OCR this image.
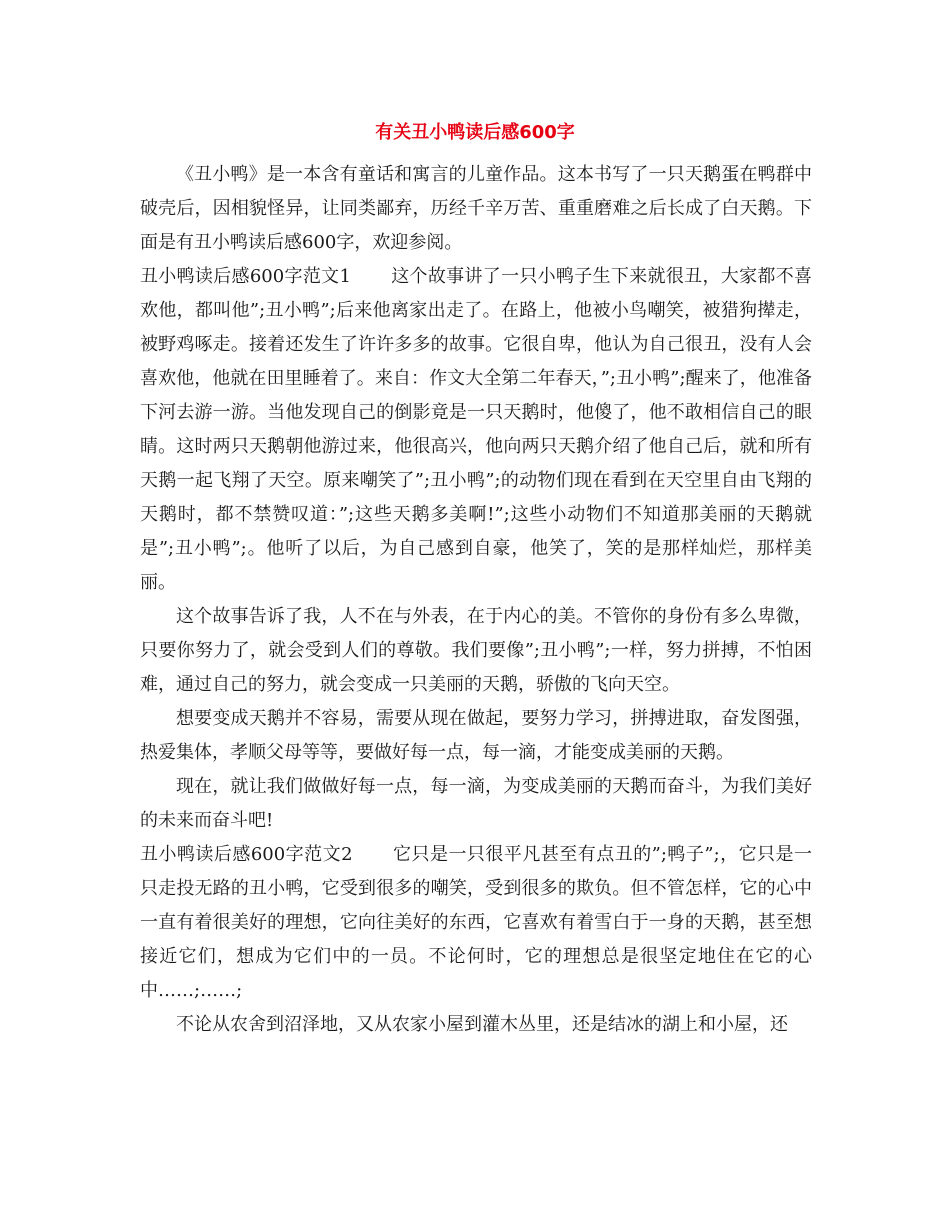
有关丑小鸭读后感600字

《丑小鸭》是一本含有童话和寓言的儿童作品。这本书写了一只天鹅蛋在鸭群中破壳后，因相貌怪异，让同类鄙弃，历经千辛万苦、重重磨难之后长成了白天鹅。下面是有丑小鸭读后感600字，欢迎参阅。

丑小鸭读后感600字范文1 这个故事讲了一只小鸭子生下来就很丑，大家都不喜欢他，都叫他”;丑小鸭”;后来他离家出走了。在路上，他被小鸟嘲笑，被猎狗撵走，被野鸡啄走。接着还发生了许许多多的故事。它很自卑，他认为自己很丑，没有人会喜欢他，他就在田里睡着了。来自：作文大全第二年春天，”;丑小鸭”;醒来了，他准备下河去游一游。当他发现自己的倒影竟是一只天鹅时，他傻了，他不敢相信自己的眼睛。这时两只天鹅朝他游过来，他很高兴，他向两只天鹅介绍了他自己后，就和所有天鹅一起飞翔了天空。原来嘲笑了”;丑小鸭”;的动物们现在看到在天空里自由飞翔的天鹅时，都不禁赞叹道：”;这些天鹅多美啊!”;这些小动物们不知道那美丽的天鹅就是”;丑小鸭”;。他听了以后，为自己感到自豪，他笑了，笑的是那样灿烂，那样美丽。

这个故事告诉了我，人不在与外表，在于内心的美。不管你的身份有多么卑微，只要你努力了，就会受到人们的尊敬。我们要像”;丑小鸭”;一样，努力拼搏，不怕困难，通过自己的努力，就会变成一只美丽的天鹅，骄傲的飞向天空。

想要变成天鹅并不容易，需要从现在做起，要努力学习，拼搏进取，奋发图强，热爱集体，孝顺父母等等，要做好每一点，每一滴，才能变成美丽的天鹅。

现在，就让我们做做好每一点，每一滴，为变成美丽的天鹅而奋斗，为我们美好的未来而奋斗吧!

丑小鸭读后感600字范文2 它只是一只很平凡甚至有点丑的”;鸭子”;，它只是一只走投无路的丑小鸭，它受到很多的嘲笑，受到很多的欺负。但不管怎样，它的心中一直有着很美好的理想，它向往美好的东西，它喜欢有着雪白于一身的天鹅，甚至想接近它们，想成为它们中的一员。不论何时，它的理想总是很坚定地住在它的心中……;……;

不论从农舍到沼泽地，又从农家小屋到灌木丛里，还是结冰的湖上和小屋，还
